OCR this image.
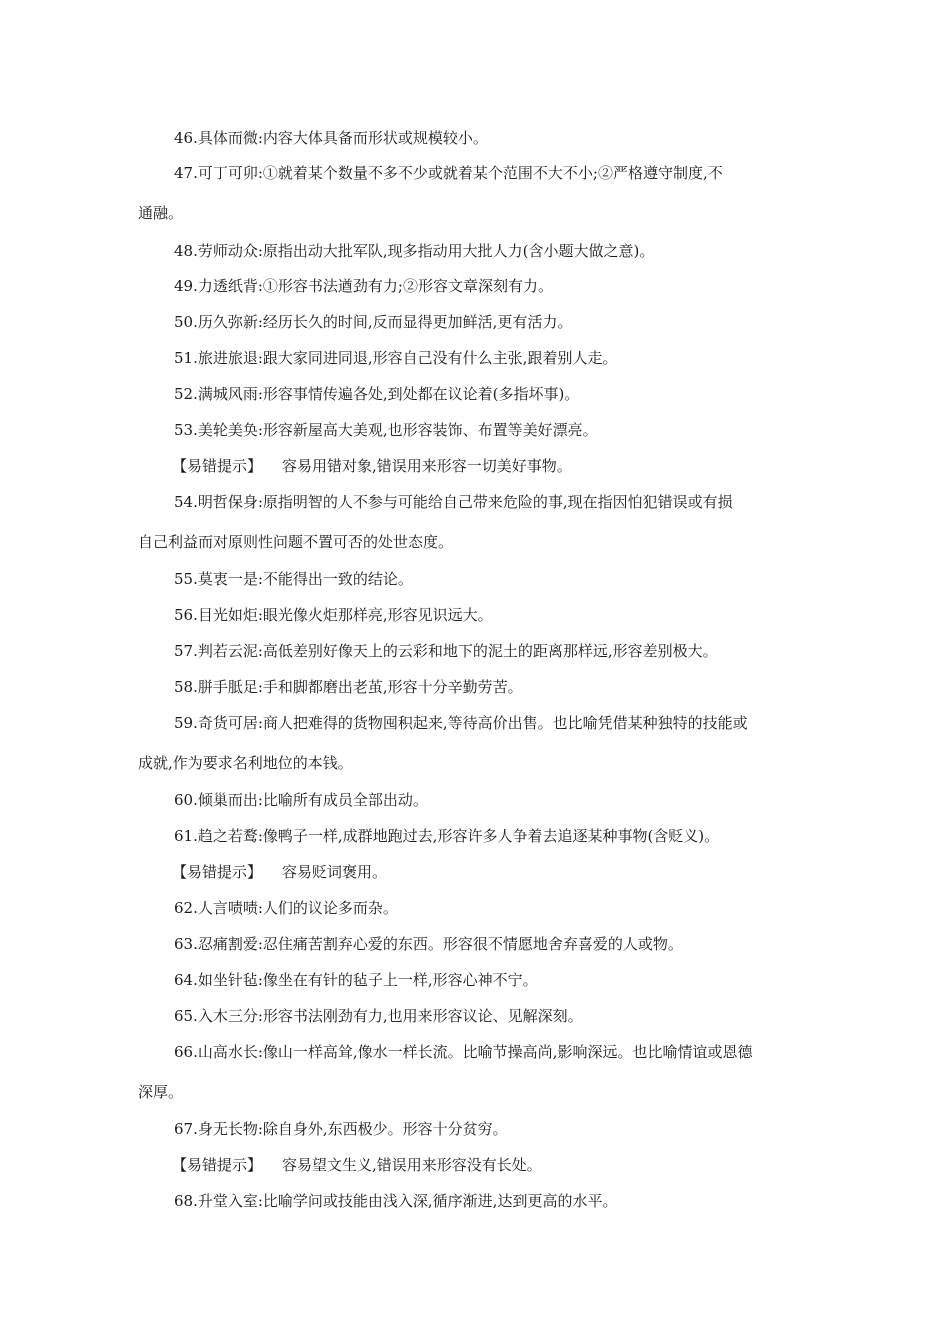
46.具体而微:内容大体具备而形状或规模较小。
47.可丁可卯:①就着某个数量不多不少或就着某个范围不大不小;②严格遵守制度,不
通融。
48.劳师动众:原指出动大批军队,现多指动用大批人力(含小题大做之意)。
49.力透纸背:①形容书法遒劲有力;②形容文章深刻有力。
50.历久弥新:经历长久的时间,反而显得更加鲜活,更有活力。
51.旅进旅退:跟大家同进同退,形容自己没有什么主张,跟着别人走。
52.满城风雨:形容事情传遍各处,到处都在议论着(多指坏事)。
53.美轮美奂:形容新屋高大美观,也形容装饰、布置等美好漂亮。
【易错提示】 容易用错对象,错误用来形容一切美好事物。
54.明哲保身:原指明智的人不参与可能给自己带来危险的事,现在指因怕犯错误或有损
自己利益而对原则性问题不置可否的处世态度。
55.莫衷一是:不能得出一致的结论。
56.目光如炬:眼光像火炬那样亮,形容见识远大。
57.判若云泥:高低差别好像天上的云彩和地下的泥土的距离那样远,形容差别极大。
58.胼手胝足:手和脚都磨出老茧,形容十分辛勤劳苦。
59.奇货可居:商人把难得的货物囤积起来,等待高价出售。也比喻凭借某种独特的技能或
成就,作为要求名利地位的本钱。
60.倾巢而出:比喻所有成员全部出动。
61.趋之若鹜:像鸭子一样,成群地跑过去,形容许多人争着去追逐某种事物(含贬义)。
【易错提示】 容易贬词褒用。
62.人言啧啧:人们的议论多而杂。
63.忍痛割爱:忍住痛苦割弃心爱的东西。形容很不情愿地舍弃喜爱的人或物。
64.如坐针毡:像坐在有针的毡子上一样,形容心神不宁。
65.入木三分:形容书法刚劲有力,也用来形容议论、见解深刻。
66.山高水长:像山一样高耸,像水一样长流。比喻节操高尚,影响深远。也比喻情谊或恩德
深厚。
67.身无长物:除自身外,东西极少。形容十分贫穷。
【易错提示】 容易望文生义,错误用来形容没有长处。
68.升堂入室:比喻学问或技能由浅入深,循序渐进,达到更高的水平。
